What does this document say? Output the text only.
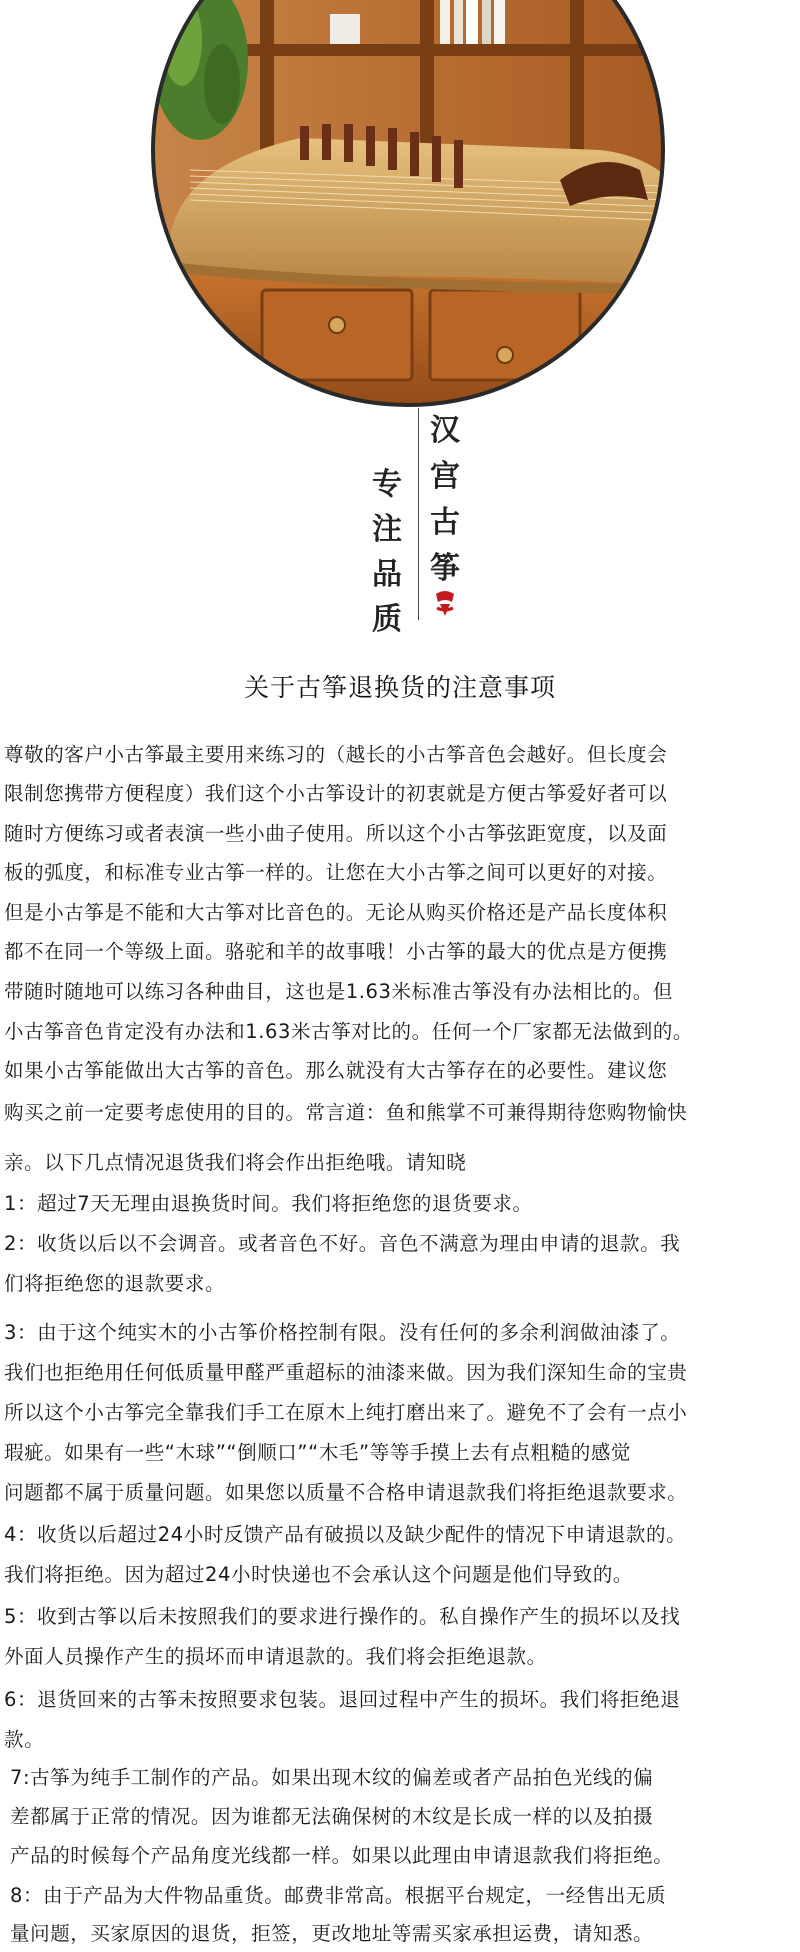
汉
宫
古
筝
专
注
品
质
关于古筝退换货的注意事项
尊敬的客户小古筝最主要用来练习的（越长的小古筝音色会越好。但长度会
限制您携带方便程度）我们这个小古筝设计的初衷就是方便古筝爱好者可以
随时方便练习或者表演一些小曲子使用。所以这个小古筝弦距宽度，以及面
板的弧度，和标准专业古筝一样的。让您在大小古筝之间可以更好的对接。
但是小古筝是不能和大古筝对比音色的。无论从购买价格还是产品长度体积
都不在同一个等级上面。骆驼和羊的故事哦！小古筝的最大的优点是方便携
带随时随地可以练习各种曲目，这也是1.63米标准古筝没有办法相比的。但
小古筝音色肯定没有办法和1.63米古筝对比的。任何一个厂家都无法做到的。
如果小古筝能做出大古筝的音色。那么就没有大古筝存在的必要性。建议您
购买之前一定要考虑使用的目的。常言道：鱼和熊掌不可兼得期待您购物愉快
亲。以下几点情况退货我们将会作出拒绝哦。请知晓
1：超过7天无理由退换货时间。我们将拒绝您的退货要求。
2：收货以后以不会调音。或者音色不好。音色不满意为理由申请的退款。我
们将拒绝您的退款要求。
3：由于这个纯实木的小古筝价格控制有限。没有任何的多余利润做油漆了。
我们也拒绝用任何低质量甲醛严重超标的油漆来做。因为我们深知生命的宝贵
所以这个小古筝完全靠我们手工在原木上纯打磨出来了。避免不了会有一点小
瑕疵。如果有一些“木球”“倒顺口”“木毛”等等手摸上去有点粗糙的感觉
问题都不属于质量问题。如果您以质量不合格申请退款我们将拒绝退款要求。
4：收货以后超过24小时反馈产品有破损以及缺少配件的情况下申请退款的。
我们将拒绝。因为超过24小时快递也不会承认这个问题是他们导致的。
5：收到古筝以后未按照我们的要求进行操作的。私自操作产生的损坏以及找
外面人员操作产生的损坏而申请退款的。我们将会拒绝退款。
6：退货回来的古筝未按照要求包装。退回过程中产生的损坏。我们将拒绝退
款。
7:古筝为纯手工制作的产品。如果出现木纹的偏差或者产品拍色光线的偏
差都属于正常的情况。因为谁都无法确保树的木纹是长成一样的以及拍摄
产品的时候每个产品角度光线都一样。如果以此理由申请退款我们将拒绝。
8：由于产品为大件物品重货。邮费非常高。根据平台规定，一经售出无质
量问题，买家原因的退货，拒签，更改地址等需买家承担运费，请知悉。
